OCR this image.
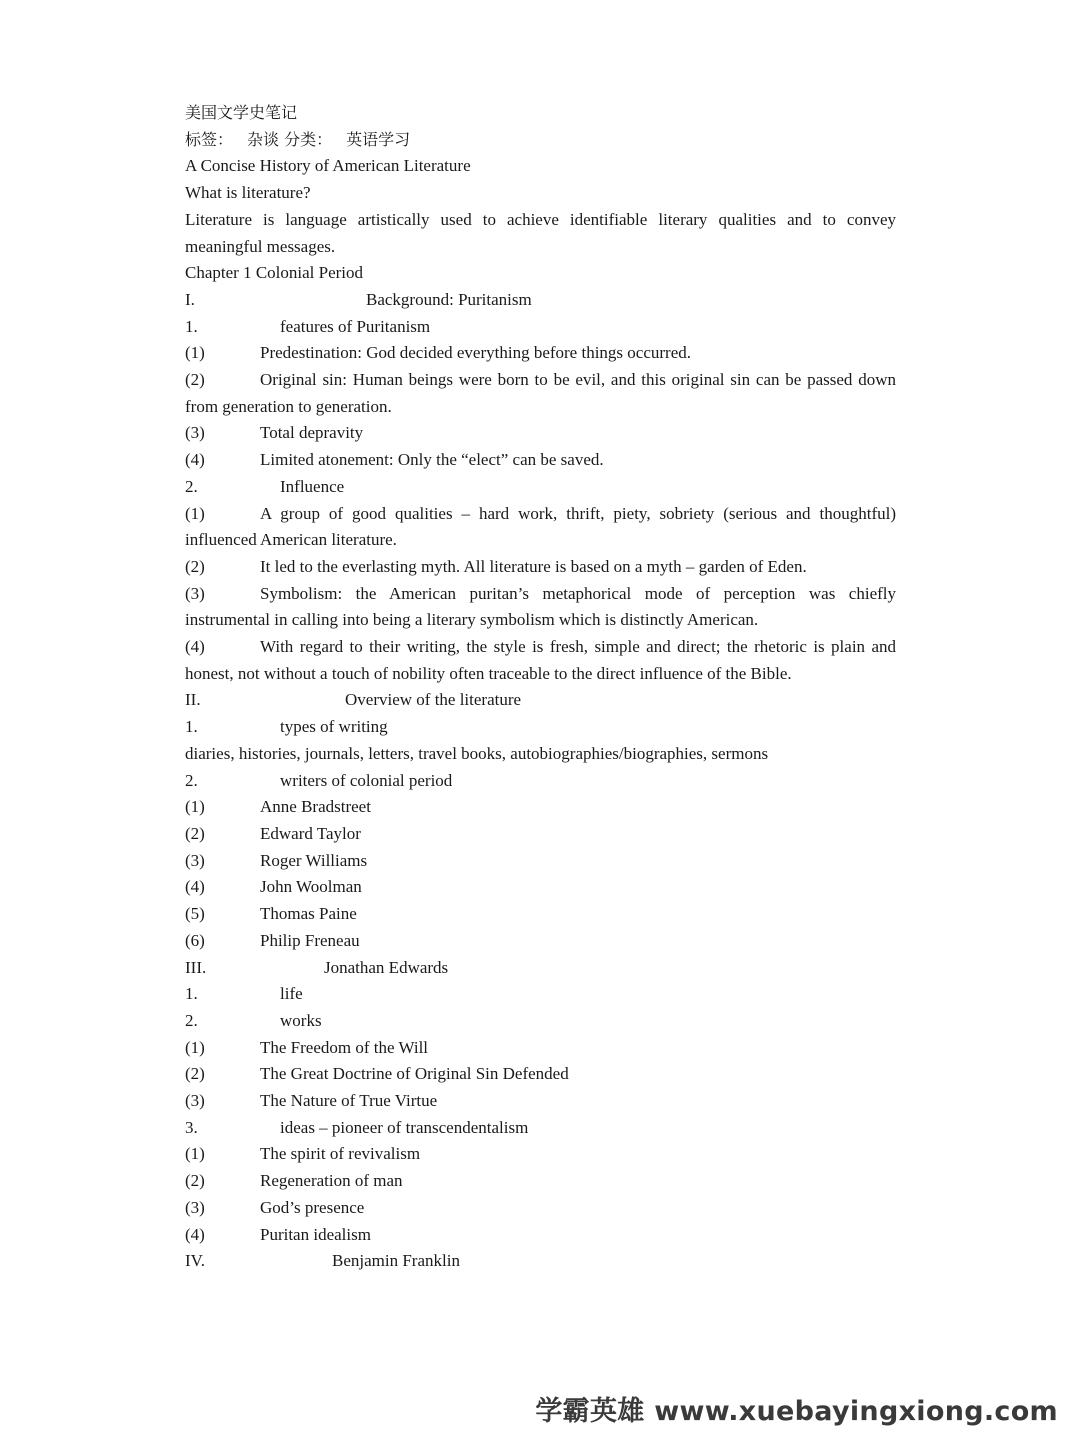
美国文学史笔记
标签： 杂谈 分类： 英语学习
A Concise History of American Literature
What is literature?
Literature is language artistically used to achieve identifiable literary qualities and to convey meaningful messages.
Chapter 1 Colonial Period
I.	Background: Puritanism
1.	features of Puritanism
(1)	Predestination: God decided everything before things occurred.
(2)	Original sin: Human beings were born to be evil, and this original sin can be passed down from generation to generation.
(3)	Total depravity
(4)	Limited atonement: Only the “elect” can be saved.
2.	Influence
(1)	A group of good qualities – hard work, thrift, piety, sobriety (serious and thoughtful) influenced American literature.
(2)	It led to the everlasting myth. All literature is based on a myth – garden of Eden.
(3)	Symbolism: the American puritan’s metaphorical mode of perception was chiefly instrumental in calling into being a literary symbolism which is distinctly American.
(4)	With regard to their writing, the style is fresh, simple and direct; the rhetoric is plain and honest, not without a touch of nobility often traceable to the direct influence of the Bible.
II.	Overview of the literature
1.	types of writing
diaries, histories, journals, letters, travel books, autobiographies/biographies, sermons
2.	writers of colonial period
(1)	Anne Bradstreet
(2)	Edward Taylor
(3)	Roger Williams
(4)	John Woolman
(5)	Thomas Paine
(6)	Philip Freneau
III.	Jonathan Edwards
1.	life
2.	works
(1)	The Freedom of the Will
(2)	The Great Doctrine of Original Sin Defended
(3)	The Nature of True Virtue
3.	ideas – pioneer of transcendentalism
(1)	The spirit of revivalism
(2)	Regeneration of man
(3)	God’s presence
(4)	Puritan idealism
IV.	Benjamin Franklin
学霸英雄 www.xuebayingxiong.com
